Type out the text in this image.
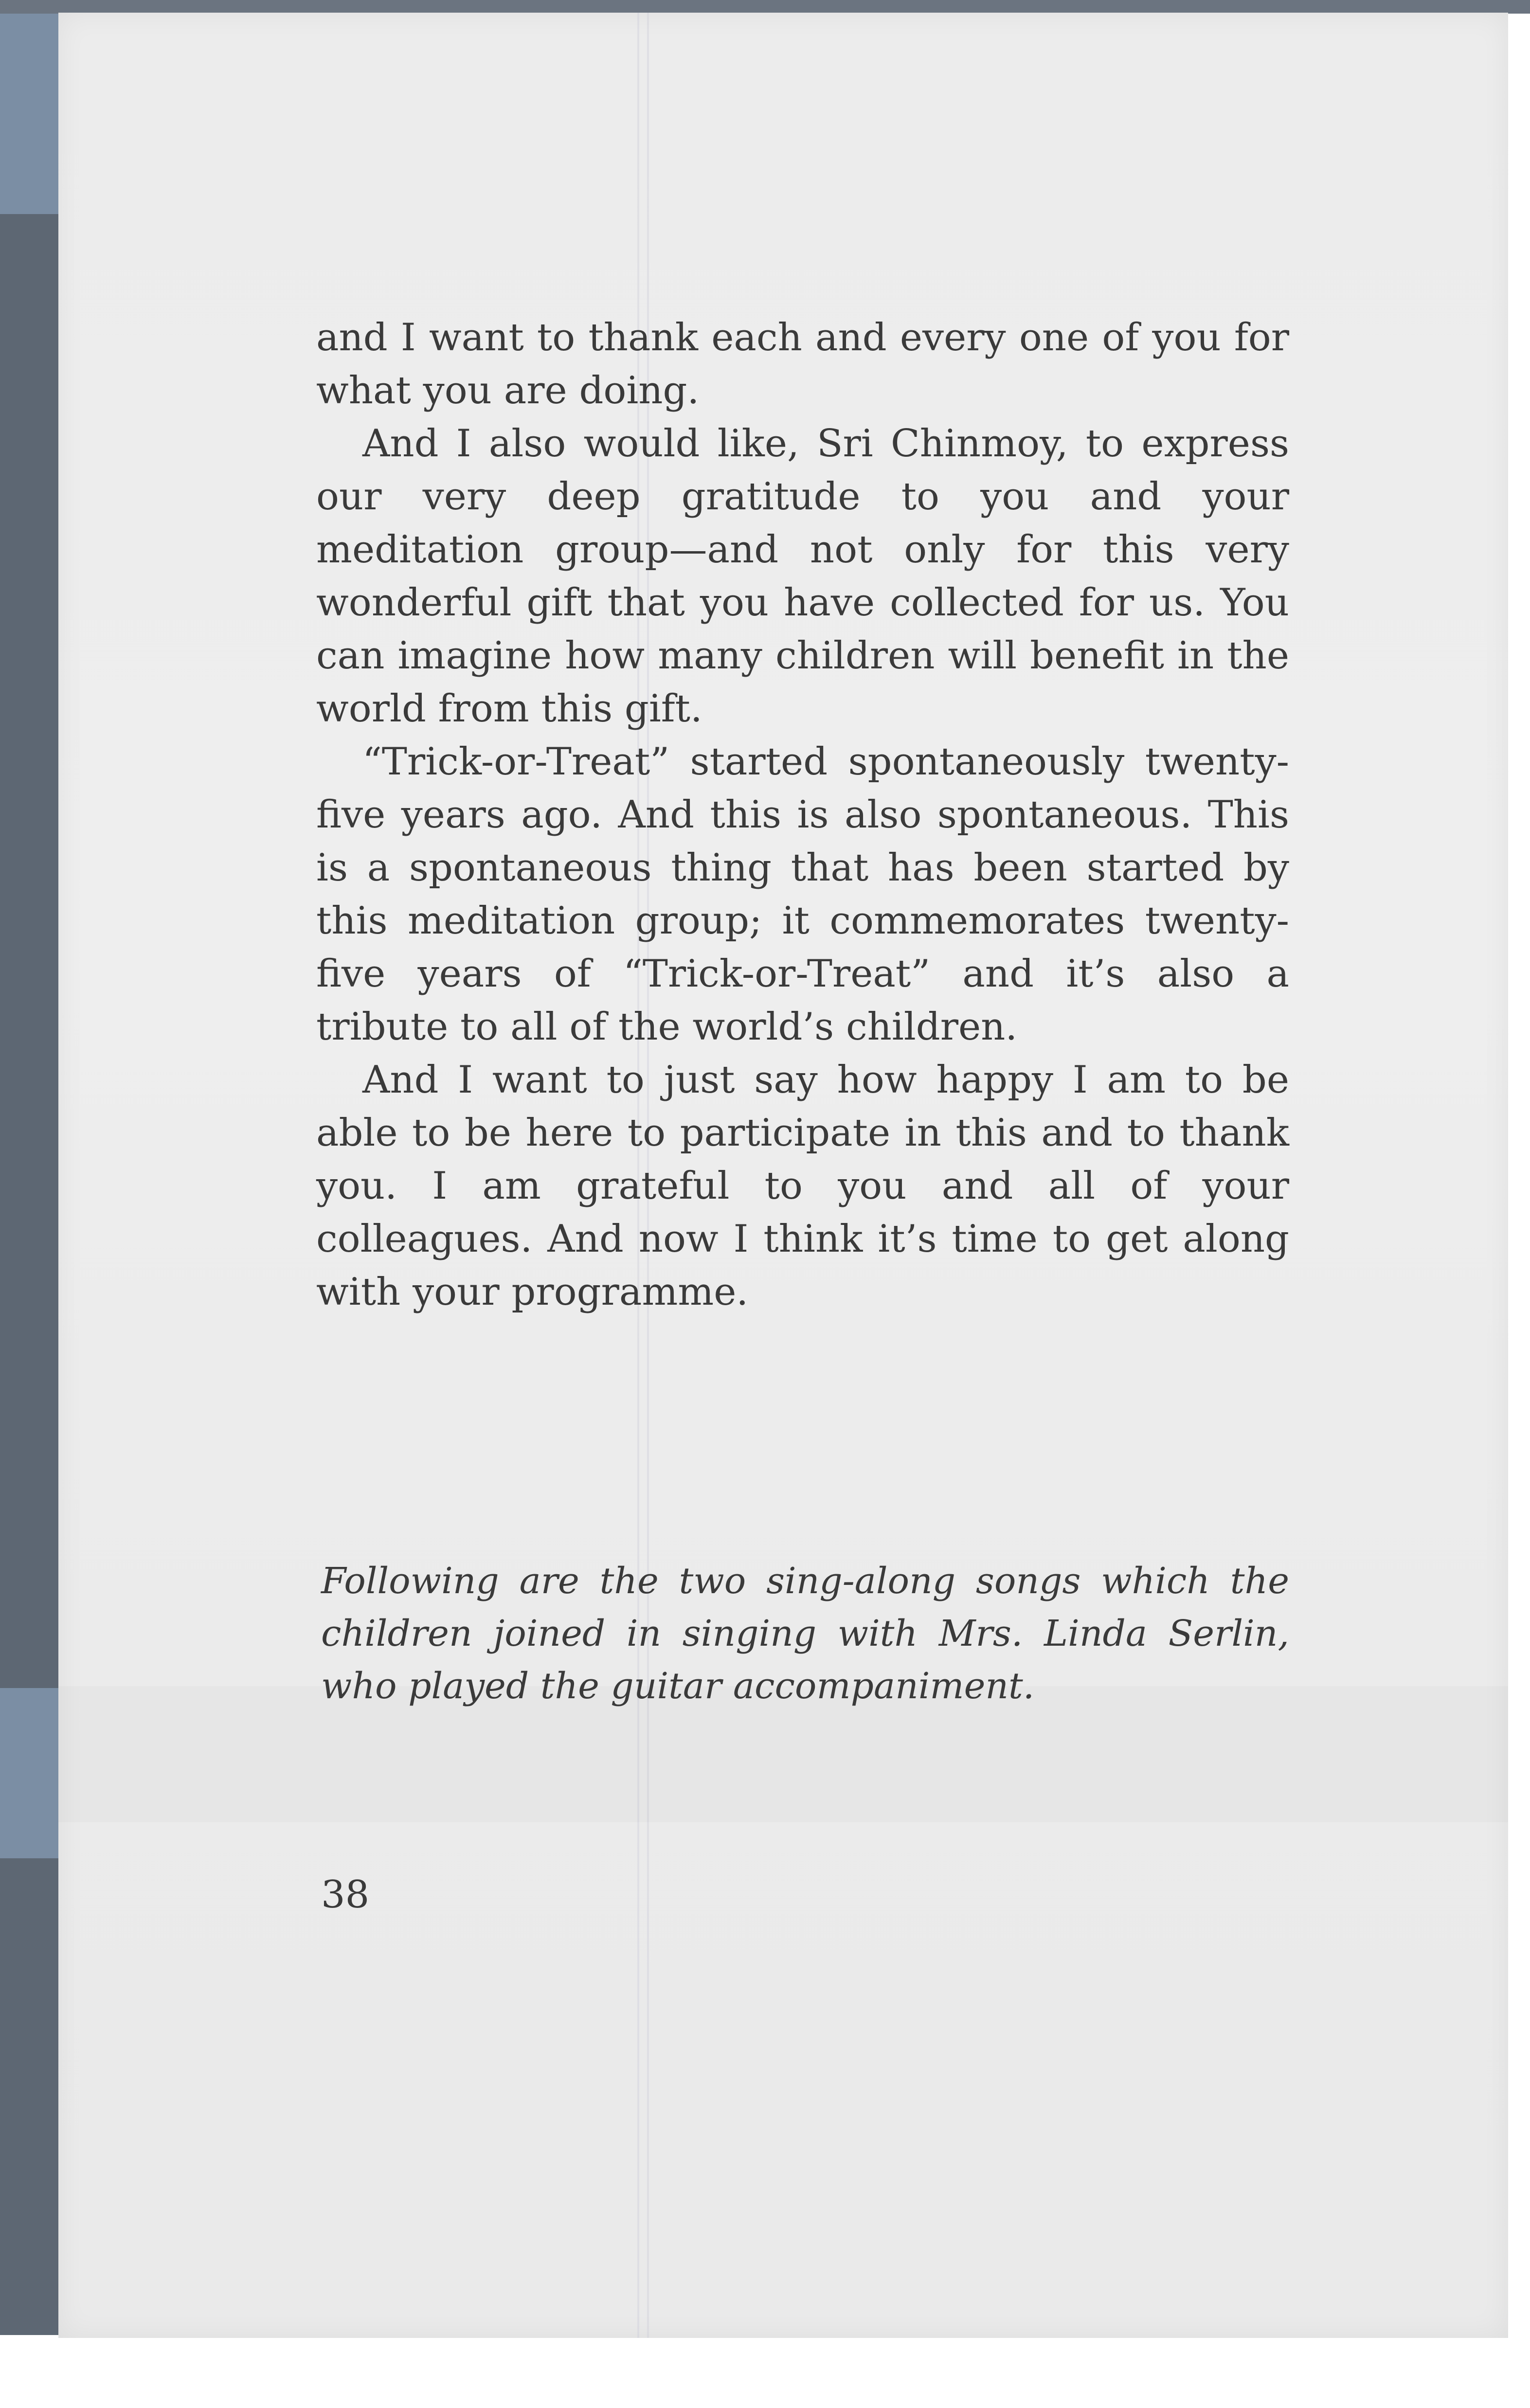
and I want to thank each and every one of you for what you are doing.

And I also would like, Sri Chinmoy, to express our very deep gratitude to you and your meditation group—and not only for this very wonderful gift that you have collected for us. You can imagine how many children will benefit in the world from this gift.

“Trick-or-Treat” started spontaneously twenty-five years ago. And this is also spontaneous. This is a spontaneous thing that has been started by this meditation group; it commemorates twenty-five years of “Trick-or-Treat” and it’s also a tribute to all of the world’s children.

And I want to just say how happy I am to be able to be here to participate in this and to thank you. I am grateful to you and all of your colleagues. And now I think it’s time to get along with your programme.

Following are the two sing-along songs which the children joined in singing with Mrs. Linda Serlin, who played the guitar accompaniment.
38
